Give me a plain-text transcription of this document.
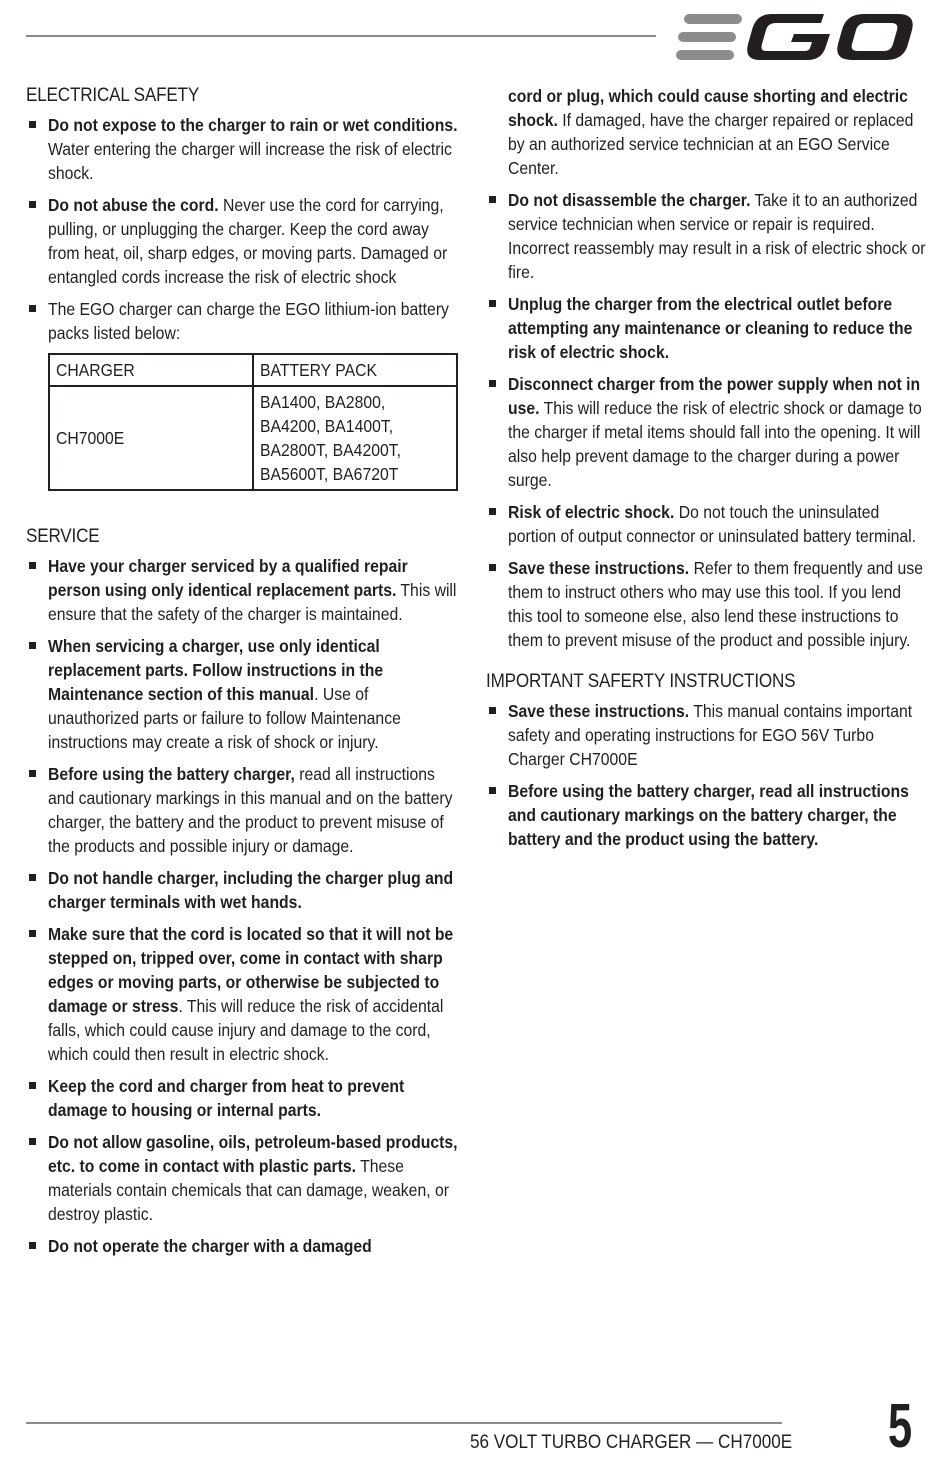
ELECTRICAL SAFETY
Do not expose to the charger to rain or wet conditions. Water entering the charger will increase the risk of electric shock.
Do not abuse the cord. Never use the cord for carrying, pulling, or unplugging the charger. Keep the cord away from heat, oil, sharp edges, or moving parts. Damaged or entangled cords increase the risk of electric shock
The EGO charger can charge the EGO lithium-ion battery packs listed below:
CHARGER	BATTERY PACK
CH7000E	BA1400, BA2800,
BA4200, BA1400T,
BA2800T, BA4200T,
BA5600T, BA6720T
SERVICE
Have your charger serviced by a qualified repair person using only identical replacement parts. This will ensure that the safety of the charger is maintained.
When servicing a charger, use only identical replacement parts. Follow instructions in the Maintenance section of this manual. Use of unauthorized parts or failure to follow Maintenance instructions may create a risk of shock or injury.
Before using the battery charger, read all instructions and cautionary markings in this manual and on the battery charger, the battery and the product to prevent misuse of the products and possible injury or damage.
Do not handle charger, including the charger plug and charger terminals with wet hands.
Make sure that the cord is located so that it will not be stepped on, tripped over, come in contact with sharp edges or moving parts, or otherwise be subjected to damage or stress. This will reduce the risk of accidental falls, which could cause injury and damage to the cord, which could then result in electric shock.
Keep the cord and charger from heat to prevent damage to housing or internal parts.
Do not allow gasoline, oils, petroleum-based products, etc. to come in contact with plastic parts. These materials contain chemicals that can damage, weaken, or destroy plastic.
Do not operate the charger with a damaged
cord or plug, which could cause shorting and electric shock. If damaged, have the charger repaired or replaced by an authorized service technician at an EGO Service Center.
Do not disassemble the charger. Take it to an authorized service technician when service or repair is required. Incorrect reassembly may result in a risk of electric shock or fire.
Unplug the charger from the electrical outlet before attempting any maintenance or cleaning to reduce the risk of electric shock.
Disconnect charger from the power supply when not in use. This will reduce the risk of electric shock or damage to the charger if metal items should fall into the opening. It will also help prevent damage to the charger during a power surge.
Risk of electric shock. Do not touch the uninsulated portion of output connector or uninsulated battery terminal.
Save these instructions. Refer to them frequently and use them to instruct others who may use this tool. If you lend this tool to someone else, also lend these instructions to them to prevent misuse of the product and possible injury.
IMPORTANT SAFERTY INSTRUCTIONS
Save these instructions. This manual contains important safety and operating instructions for EGO 56V Turbo Charger CH7000E
Before using the battery charger, read all instructions and cautionary markings on the battery charger, the battery and the product using the battery.
56 VOLT TURBO CHARGER — CH7000E 5
